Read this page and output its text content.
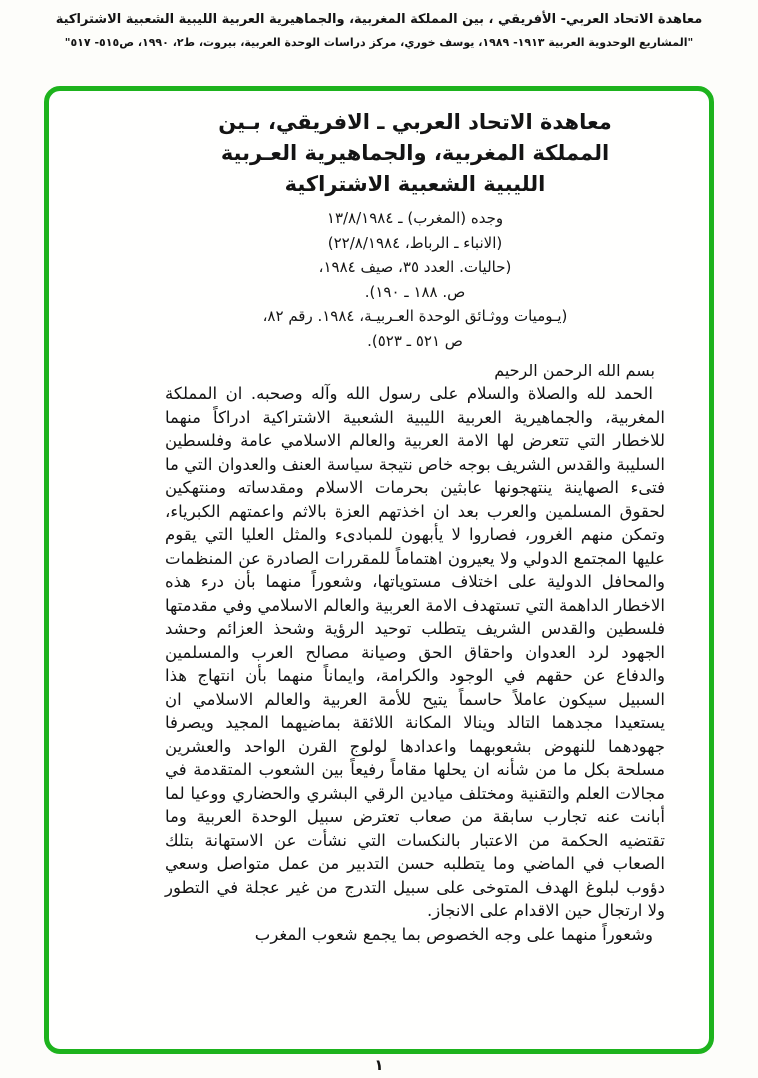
معاهدة الاتحاد العربي- الأفريقي ، بين المملكة المغربية، والجماهيرية العربية الليبية الشعبية الاشتراكية
"المشاريع الوحدوية العربية ١٩١٣- ١٩٨٩، يوسف خوري، مركز دراسات الوحدة العربية، بيروت، ط٢، ١٩٩٠، ص٥١٥- ٥١٧"
معاهدة الاتحاد العربي ـ الافريقي، بـين
المملكة المغربية، والجماهيرية العـربية
الليبية الشعبية الاشتراكية
وجده (المغرب) ـ ١٣/٨/١٩٨٤
(الانباء ـ الرباط، ٢٢/٨/١٩٨٤)
(حاليات. العدد ٣٥، صيف ١٩٨٤،
ص. ١٨٨ ـ ١٩٠).
(يـوميات ووثـائق الوحدة العـربيـة، ١٩٨٤. رقم ٨٢،
ص ٥٢١ ـ ٥٢٣).
بسم الله الرحمن الرحيم

الحمد لله والصلاة والسلام على رسول الله وآله وصحبه. ان المملكة المغربية، والجماهيرية العربية الليبية الشعبية الاشتراكية ادراكاً منهما للاخطار التي تتعرض لها الامة العربية والعالم الاسلامي عامة وفلسطين السليبة والقدس الشريف بوجه خاص نتيجة سياسة العنف والعدوان التي ما فتىء الصهاينة ينتهجونها عابثين بحرمات الاسلام ومقدساته ومنتهكين لحقوق المسلمين والعرب بعد ان اخذتهم العزة بالاثم واعمتهم الكبرياء، وتمكن منهم الغرور، فصاروا لا يأبهون للمبادىء والمثل العليا التي يقوم عليها المجتمع الدولي ولا يعيرون اهتماماً للمقررات الصادرة عن المنظمات والمحافل الدولية على اختلاف مستوياتها، وشعوراً منهما بأن درء هذه الاخطار الداهمة التي تستهدف الامة العربية والعالم الاسلامي وفي مقدمتها فلسطين والقدس الشريف يتطلب توحيد الرؤية وشحذ العزائم وحشد الجهود لرد العدوان واحقاق الحق وصيانة مصالح العرب والمسلمين والدفاع عن حقهم في الوجود والكرامة، وايماناً منهما بأن انتهاج هذا السبيل سيكون عاملاً حاسماً يتيح للأمة العربية والعالم الاسلامي ان يستعيدا مجدهما التالد وينالا المكانة اللائقة بماضيهما المجيد ويصرفا جهودهما للنهوض بشعوبهما واعدادها لولوج القرن الواحد والعشرين مسلحة بكل ما من شأنه ان يحلها مقاماً رفيعاً بين الشعوب المتقدمة في مجالات العلم والتقنية ومختلف ميادين الرقي البشري والحضاري ووعيا لما أبانت عنه تجارب سابقة من صعاب تعترض سبيل الوحدة العربية وما تقتضيه الحكمة من الاعتبار بالنكسات التي نشأت عن الاستهانة بتلك الصعاب في الماضي وما يتطلبه حسن التدبير من عمل متواصل وسعي دؤوب لبلوغ الهدف المتوخى على سبيل التدرج من غير عجلة في التطور ولا ارتجال حين الاقدام على الانجاز.

وشعوراً منهما على وجه الخصوص بما يجمع شعوب المغرب

١
